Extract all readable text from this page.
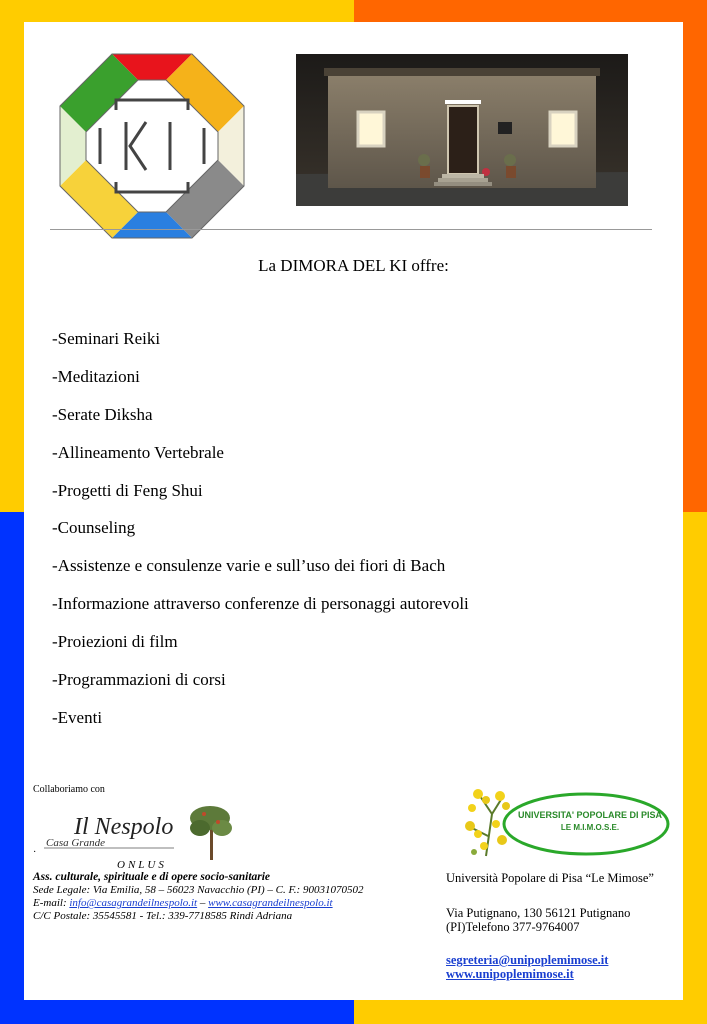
La DIMORA DEL KI offre:
-Seminari Reiki
-Meditazioni
-Serate Diksha
-Allineamento Vertebrale
-Progetti di Feng Shui
-Counseling
-Assistenze e consulenze varie e sull’uso dei fiori di Bach
-Informazione attraverso conferenze di personaggi autorevoli
-Proiezioni di film
-Programmazioni di corsi
-Eventi
Collaboriamo con
Il Nespolo
Casa Grande
·
ONLUS
Ass. culturale, spirituale e di opere socio-sanitarie
Sede Legale: Via Emilia, 58 – 56023 Navacchio (PI) – C. F.: 90031070502
E-mail: info@casagrandeilnespolo.it – www.casagrandeilnespolo.it
C/C Postale: 35545581 - Tel.: 339-7718585 Rindi Adriana
UNIVERSITA' POPOLARE DI PISA
LE M.I.M.O.S.E.
Università Popolare di Pisa “Le Mimose”
Via Putignano, 130 56121 Putignano
(PI)Telefono 377-9764007
segreteria@unipoplemimose.it
www.unipoplemimose.it
